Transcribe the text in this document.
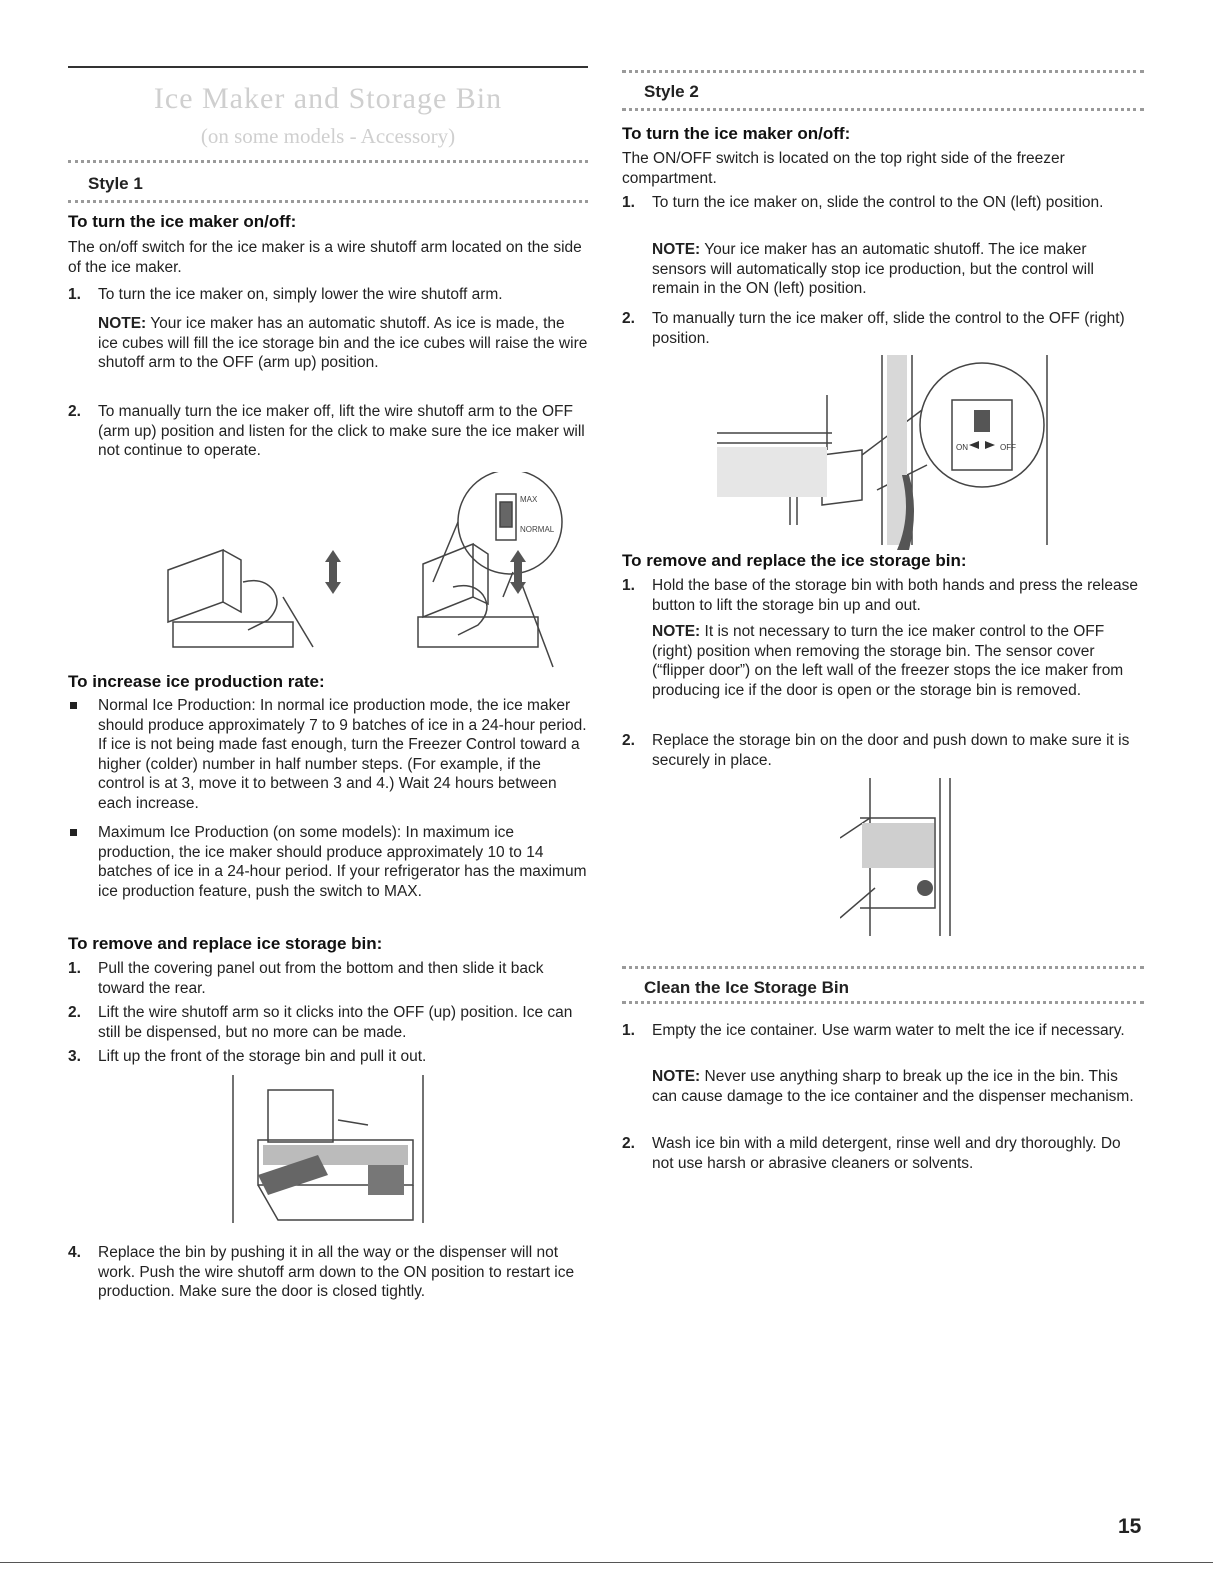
Ice Maker and Storage Bin
(on some models - Accessory)
Style 1
To turn the ice maker on/off:

The on/off switch for the ice maker is a wire shutoff arm located on the side of the ice maker.

1. To turn the ice maker on, simply lower the wire shutoff arm.

NOTE: Your ice maker has an automatic shutoff. As ice is made, the ice cubes will fill the ice storage bin and the ice cubes will raise the wire shutoff arm to the OFF (arm up) position.

2. To manually turn the ice maker off, lift the wire shutoff arm to the OFF (arm up) position and listen for the click to make sure the ice maker will not continue to operate.

MAX
NORMAL
To increase ice production rate:

Normal Ice Production: In normal ice production mode, the ice maker should produce approximately 7 to 9 batches of ice in a 24-hour period. If ice is not being made fast enough, turn the Freezer Control toward a higher (colder) number in half number steps. (For example, if the control is at 3, move it to between 3 and 4.) Wait 24 hours between each increase.

Maximum Ice Production (on some models): In maximum ice production, the ice maker should produce approximately 10 to 14 batches of ice in a 24-hour period. If your refrigerator has the maximum ice production feature, push the switch to MAX.

To remove and replace ice storage bin:
1. Pull the covering panel out from the bottom and then slide it back toward the rear.

2. Lift the wire shutoff arm so it clicks into the OFF (up) position. Ice can still be dispensed, but no more can be made.

3. Lift up the front of the storage bin and pull it out.

4. Replace the bin by pushing it in all the way or the dispenser will not work. Push the wire shutoff arm down to the ON position to restart ice production. Make sure the door is closed tightly.

Style 2
To turn the ice maker on/off:

The ON/OFF switch is located on the top right side of the freezer compartment.

1. To turn the ice maker on, slide the control to the ON (left) position.

NOTE: Your ice maker has an automatic shutoff. The ice maker sensors will automatically stop ice production, but the control will remain in the ON (left) position.

2. To manually turn the ice maker off, slide the control to the OFF (right) position.

ON	OFF
To remove and replace the ice storage bin:
1. Hold the base of the storage bin with both hands and press the release button to lift the storage bin up and out.

NOTE: It is not necessary to turn the ice maker control to the OFF (right) position when removing the storage bin. The sensor cover (“flipper door”) on the left wall of the freezer stops the ice maker from producing ice if the door is open or the storage bin is removed.

2. Replace the storage bin on the door and push down to make sure it is securely in place.

Clean the Ice Storage Bin
1. Empty the ice container. Use warm water to melt the ice if necessary.

NOTE: Never use anything sharp to break up the ice in the bin. This can cause damage to the ice container and the dispenser mechanism.

2. Wash ice bin with a mild detergent, rinse well and dry thoroughly. Do not use harsh or abrasive cleaners or solvents.

15
